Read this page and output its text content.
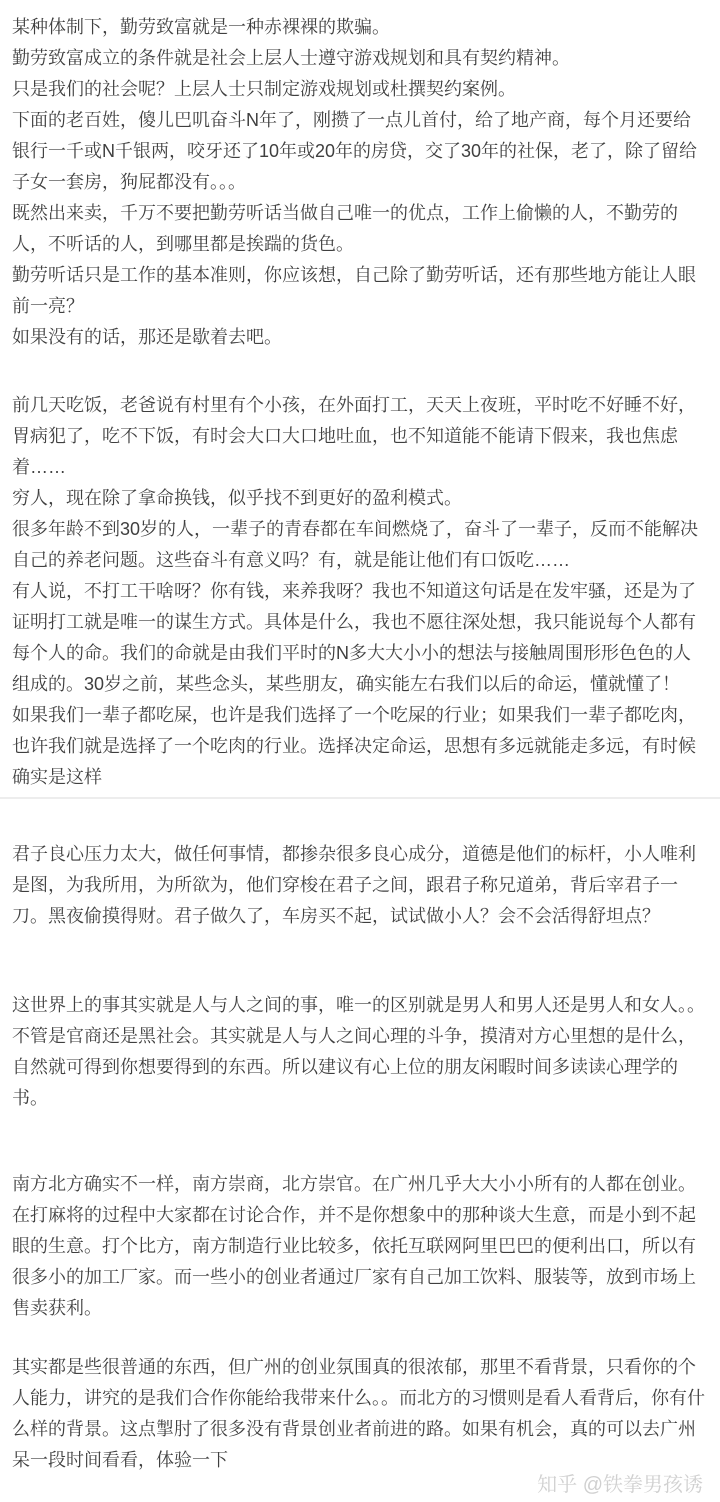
某种体制下，勤劳致富就是一种赤裸裸的欺骗。

勤劳致富成立的条件就是社会上层人士遵守游戏规划和具有契约精神。

只是我们的社会呢？上层人士只制定游戏规划或杜撰契约案例。

下面的老百姓，傻儿巴叽奋斗N年了，刚攒了一点儿首付，给了地产商，每个月还要给银行一千或N千银两，咬牙还了10年或20年的房贷，交了30年的社保，老了，除了留给子女一套房，狗屁都没有。。。

既然出来卖，千万不要把勤劳听话当做自己唯一的优点，工作上偷懒的人，不勤劳的人，不听话的人，到哪里都是挨踹的货色。

勤劳听话只是工作的基本准则，你应该想，自己除了勤劳听话，还有那些地方能让人眼前一亮？

如果没有的话，那还是歇着去吧。

前几天吃饭，老爸说有村里有个小孩，在外面打工，天天上夜班，平时吃不好睡不好，胃病犯了，吃不下饭，有时会大口大口地吐血，也不知道能不能请下假来，我也焦虑着……

穷人，现在除了拿命换钱，似乎找不到更好的盈利模式。

很多年龄不到30岁的人，一辈子的青春都在车间燃烧了，奋斗了一辈子，反而不能解决自己的养老问题。这些奋斗有意义吗？有，就是能让他们有口饭吃……

有人说，不打工干啥呀？你有钱，来养我呀？我也不知道这句话是在发牢骚，还是为了证明打工就是唯一的谋生方式。具体是什么，我也不愿往深处想，我只能说每个人都有每个人的命。我们的命就是由我们平时的N多大大小小的想法与接触周围形形色色的人组成的。30岁之前，某些念头，某些朋友，确实能左右我们以后的命运，懂就懂了！

如果我们一辈子都吃屎，也许是我们选择了一个吃屎的行业；如果我们一辈子都吃肉，也许我们就是选择了一个吃肉的行业。选择决定命运，思想有多远就能走多远，有时候确实是这样

君子良心压力太大，做任何事情，都掺杂很多良心成分，道德是他们的标杆，小人唯利是图，为我所用，为所欲为，他们穿梭在君子之间，跟君子称兄道弟，背后宰君子一刀。黑夜偷摸得财。君子做久了，车房买不起，试试做小人？会不会活得舒坦点？

这世界上的事其实就是人与人之间的事，唯一的区别就是男人和男人还是男人和女人。。不管是官商还是黑社会。其实就是人与人之间心理的斗争，摸清对方心里想的是什么，自然就可得到你想要得到的东西。所以建议有心上位的朋友闲暇时间多读读心理学的书。

南方北方确实不一样，南方崇商，北方崇官。在广州几乎大大小小所有的人都在创业。在打麻将的过程中大家都在讨论合作，并不是你想象中的那种谈大生意，而是小到不起眼的生意。打个比方，南方制造行业比较多，依托互联网阿里巴巴的便利出口，所以有很多小的加工厂家。而一些小的创业者通过厂家有自己加工饮料、服装等，放到市场上售卖获利。

其实都是些很普通的东西，但广州的创业氛围真的很浓郁，那里不看背景，只看你的个人能力，讲究的是我们合作你能给我带来什么。。而北方的习惯则是看人看背后，你有什么样的背景。这点掣肘了很多没有背景创业者前进的路。如果有机会，真的可以去广州呆一段时间看看，体验一下

知乎 @铁拳男孩诱
